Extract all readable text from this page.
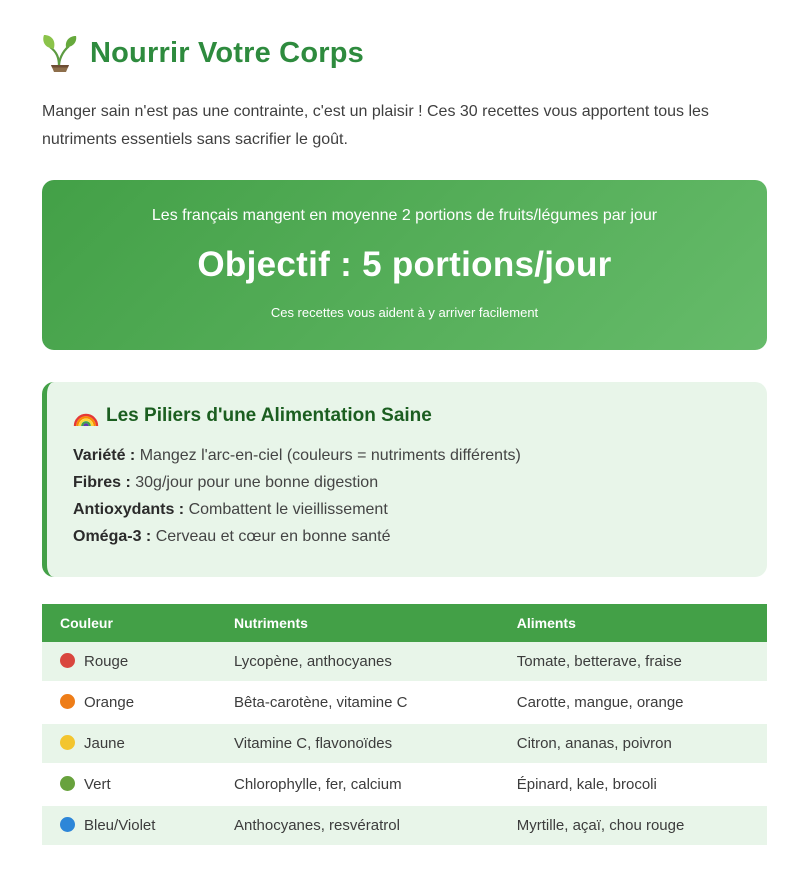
Nourrir Votre Corps

Manger sain n'est pas une contrainte, c'est un plaisir ! Ces 30 recettes vous apportent tous les nutriments essentiels sans sacrifier le goût.

Les français mangent en moyenne 2 portions de fruits/légumes par jour
Objectif : 5 portions/jour
Ces recettes vous aident à y arriver facilement
Les Piliers d'une Alimentation Saine
Variété : Mangez l'arc-en-ciel (couleurs = nutriments différents)
Fibres : 30g/jour pour une bonne digestion
Antioxydants : Combattent le vieillissement
Oméga-3 : Cerveau et cœur en bonne santé
Couleur	Nutriments	Aliments
Rouge	Lycopène, anthocyanes	Tomate, betterave, fraise
Orange	Bêta-carotène, vitamine C	Carotte, mangue, orange
Jaune	Vitamine C, flavonoïdes	Citron, ananas, poivron
Vert	Chlorophylle, fer, calcium	Épinard, kale, brocoli
Bleu/Violet	Anthocyanes, resvératrol	Myrtille, açaï, chou rouge
